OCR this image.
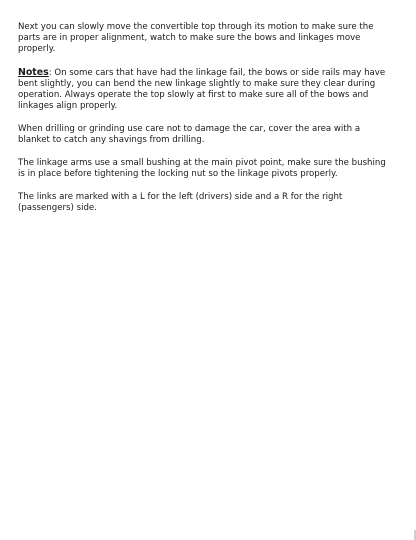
Next you can slowly move the convertible top through its motion to make sure the parts are in proper alignment, watch to make sure the bows and linkages move properly.

Notes: On some cars that have had the linkage fail, the bows or side rails may have bent slightly, you can bend the new linkage slightly to make sure they clear during operation. Always operate the top slowly at first to make sure all of the bows and linkages align properly.

When drilling or grinding use care not to damage the car, cover the area with a blanket to catch any shavings from drilling.

The linkage arms use a small bushing at the main pivot point, make sure the bushing is in place before tightening the locking nut so the linkage pivots properly.

The links are marked with a L for the left (drivers) side and a R for the right (passengers) side.
